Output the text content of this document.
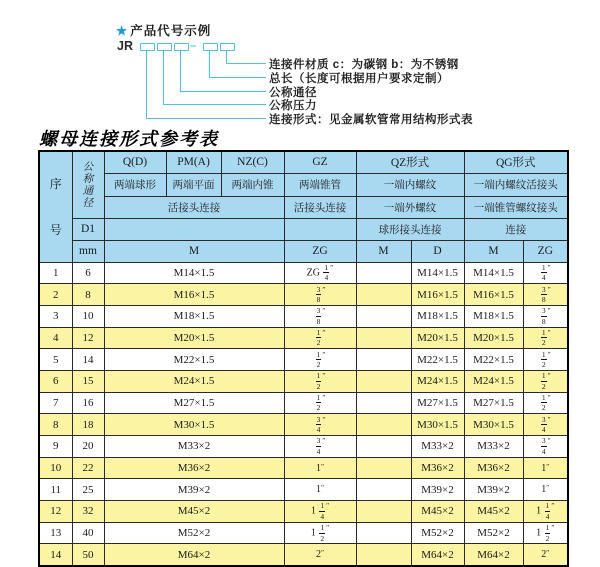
★ 产品代号示例
JR	–
连接件材质 c：为碳钢 b：为不锈钢
总长（长度可根据用户要求定制）
公称通径
公称压力
连接形式：见金属软管常用结构形式表
螺母连接形式参考表
序号	公称通径	Q(D)	PM(A)	NZ(C)	GZ	QZ形式		QG形式	
		两端球形	两端平面	两端内锥	两端锥管	一端内螺纹		一端内螺纹活接头	
		活接头连接			活接头连接	一端外螺纹		一端锥管螺纹接头	
	D1					球形接头连接		连接	
	mm	M			ZG	M	D	M	ZG
1	6	M14×1.5			ZG $\frac{1}{4} ''$		M14×1.5	M14×1.5	$\frac{1}{4} ''$
2	8	M16×1.5			$\frac{3}{8} ''$		M16×1.5	M16×1.5	$\frac{3}{8} ''$
3	10	M18×1.5			$\frac{3}{8} ''$		M18×1.5	M18×1.5	$\frac{3}{8} ''$
4	12	M20×1.5			$\frac{1}{2} ''$		M20×1.5	M20×1.5	$\frac{1}{2} ''$
5	14	M22×1.5			$\frac{1}{2} ''$		M22×1.5	M22×1.5	$\frac{1}{2} ''$
6	15	M24×1.5			$\frac{1}{2} ''$		M24×1.5	M24×1.5	$\frac{1}{2} ''$
7	16	M27×1.5			$\frac{1}{2} ''$		M27×1.5	M27×1.5	$\frac{1}{2} ''$
8	18	M30×1.5			$\frac{3}{4} ''$		M30×1.5	M30×1.5	$\frac{3}{4} ''$
9	20	M33×2			$\frac{3}{4} ''$		M33×2	M33×2	$\frac{3}{4} ''$
10	22	M36×2			1″		M36×2	M36×2	1″
11	25	M39×2			1″		M39×2	M39×2	1″
12	32	M45×2			$1 \frac{1}{4} ''$		M45×2	M45×2	$1 \frac{1}{4} ''$
13	40	M52×2			$1 \frac{1}{2} ''$		M52×2	M52×2	$1 \frac{1}{2} ''$
14	50	M64×2			2″		M64×2	M64×2	2″
